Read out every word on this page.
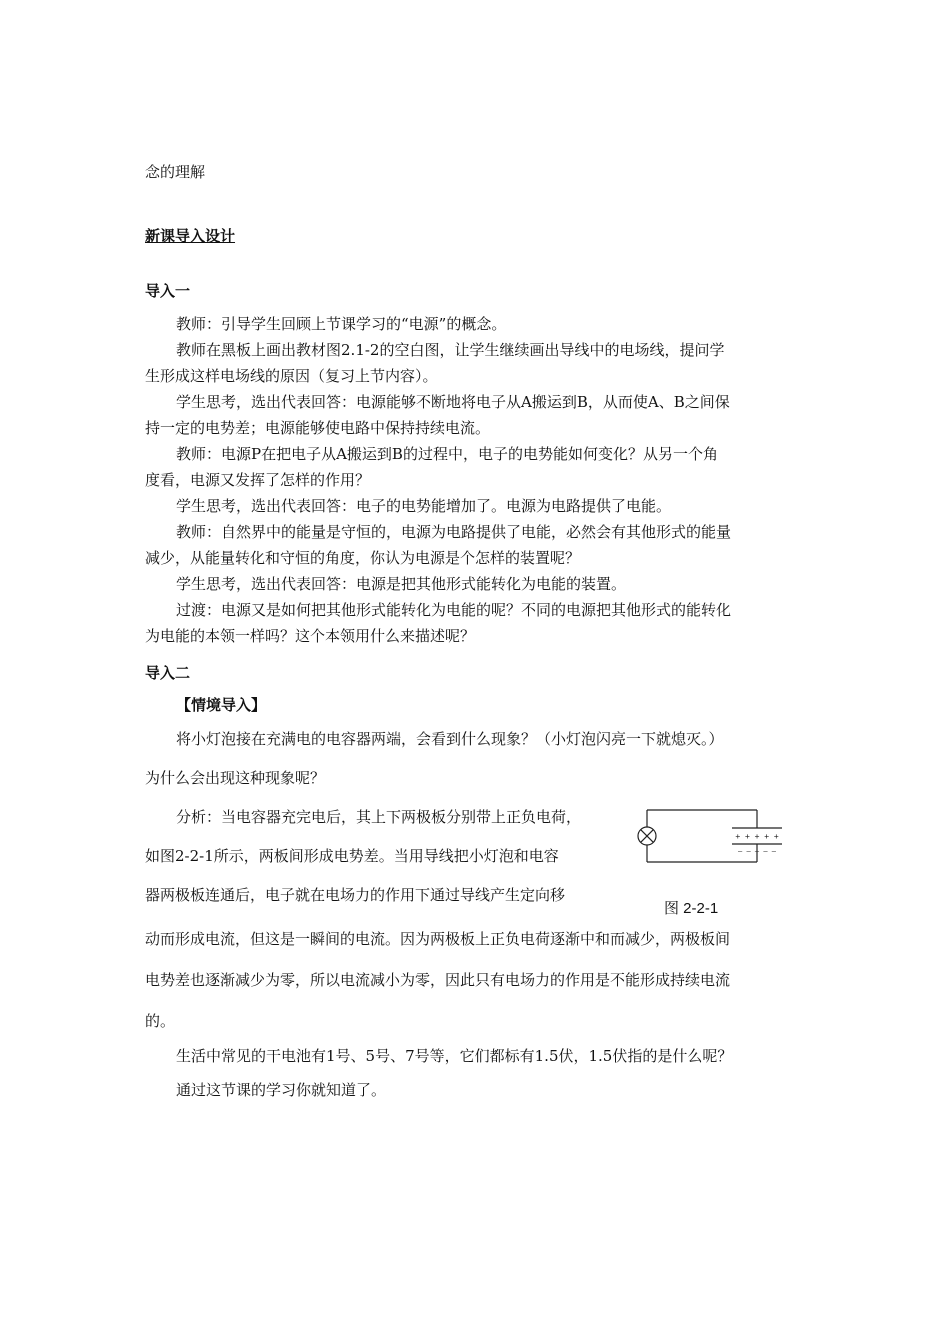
念的理解
新课导入设计
导入一
教师：引导学生回顾上节课学习的“电源”的概念。
教师在黑板上画出教材图2.1-2的空白图，让学生继续画出导线中的电场线，提问学
生形成这样电场线的原因（复习上节内容）。
学生思考，选出代表回答：电源能够不断地将电子从A搬运到B，从而使A、B之间保
持一定的电势差；电源能够使电路中保持持续电流。
教师：电源P在把电子从A搬运到B的过程中，电子的电势能如何变化？从另一个角
度看，电源又发挥了怎样的作用？
学生思考，选出代表回答：电子的电势能增加了。电源为电路提供了电能。
教师：自然界中的能量是守恒的，电源为电路提供了电能，必然会有其他形式的能量
减少，从能量转化和守恒的角度，你认为电源是个怎样的装置呢？
学生思考，选出代表回答：电源是把其他形式能转化为电能的装置。
过渡：电源又是如何把其他形式能转化为电能的呢？不同的电源把其他形式的能转化
为电能的本领一样吗？这个本领用什么来描述呢？
导入二
【情境导入】
将小灯泡接在充满电的电容器两端，会看到什么现象？（小灯泡闪亮一下就熄灭。）
为什么会出现这种现象呢？
分析：当电容器充完电后，其上下两极板分别带上正负电荷，
如图2-2-1所示，两板间形成电势差。当用导线把小灯泡和电容
器两极板连通后，电子就在电场力的作用下通过导线产生定向移
动而形成电流，但这是一瞬间的电流。因为两极板上正负电荷逐渐中和而减少，两极板间
电势差也逐渐减少为零，所以电流减小为零，因此只有电场力的作用是不能形成持续电流
的。
生活中常见的干电池有1号、5号、7号等，它们都标有1.5伏，1.5伏指的是什么呢？
通过这节课的学习你就知道了。
+ + + + +
— — — — —
图 2-2-1
